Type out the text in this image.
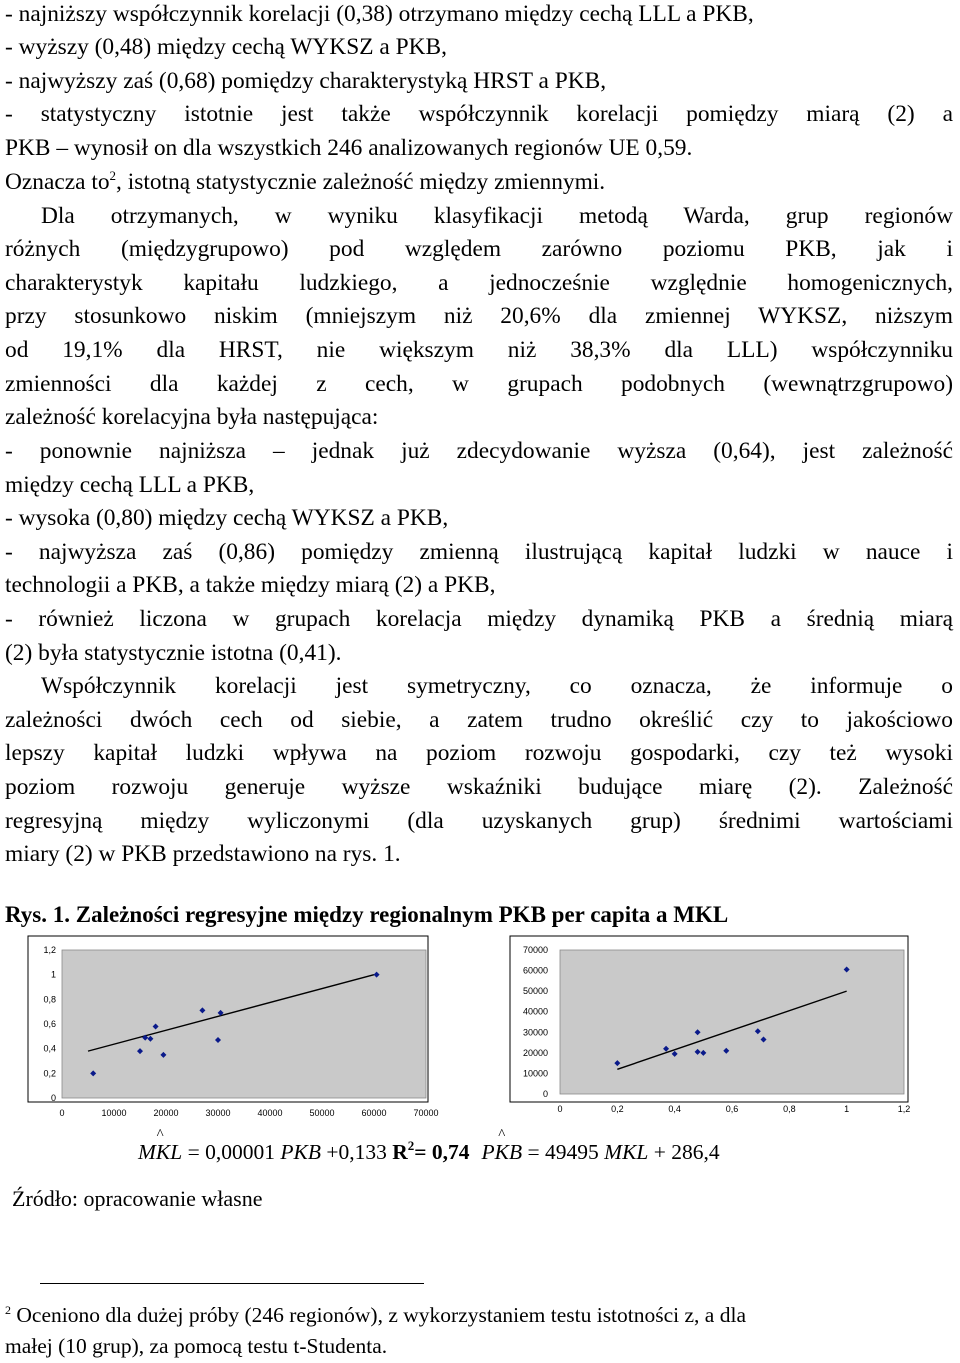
- najniższy współczynnik korelacji (0,38) otrzymano między cechą LLL a PKB,
- wyższy (0,48) między cechą WYKSZ a PKB,
- najwyższy zaś (0,68) pomiędzy charakterystyką HRST a PKB,
- statystyczny istotnie jest także współczynnik korelacji pomiędzy miarą (2) a
PKB – wynosił on dla wszystkich 246 analizowanych regionów UE 0,59.
Oznacza $to^2$, istotną statystycznie zależność między zmiennymi.
Dla otrzymanych, w wyniku klasyfikacji metodą Warda, grup regionów
różnych (międzygrupowo) pod względem zarówno poziomu PKB, jak i
charakterystyk kapitału ludzkiego, a jednocześnie względnie homogenicznych,
przy stosunkowo niskim (mniejszym niż 20,6% dla zmiennej WYKSZ, niższym
od 19,1% dla HRST, nie większym niż 38,3% dla LLL) współczynniku
zmienności dla każdej z cech, w grupach podobnych (wewnątrzgrupowo)
zależność korelacyjna była następująca:
- ponownie najniższa – jednak już zdecydowanie wyższa (0,64), jest zależność
między cechą LLL a PKB,
- wysoka (0,80) między cechą WYKSZ a PKB,
- najwyższa zaś (0,86) pomiędzy zmienną ilustrującą kapitał ludzki w nauce i
technologii a PKB, a także między miarą (2) a PKB,
- również liczona w grupach korelacja między dynamiką PKB a średnią miarą
(2) była statystycznie istotna (0,41).
Współczynnik korelacji jest symetryczny, co oznacza, że informuje o
zależności dwóch cech od siebie, a zatem trudno określić czy to jakościowo
lepszy kapitał ludzki wpływa na poziom rozwoju gospodarki, czy też wysoki
poziom rozwoju generuje wyższe wskaźniki budujące miarę (2). Zależność
regresyjną między wyliczonymi (dla uzyskanych grup) średnimi wartościami
miary (2) w PKB przedstawiono na rys. 1.
Rys. 1. Zależności regresyjne między regionalnym PKB per capita a MKL
0	10000	20000	30000	40000	50000	60000	70000
0
0,2
0,4
0,6
0,8
1
1,2
0	0,2	0,4	0,6	0,8	1	1,2
0
10000
20000
30000
40000
50000
60000
70000
MKL ^ = 0,00001 PKB +0,133 $R^2= 0,74$ PKB ^ = 49495 MKL + 286,4
Źródło: opracowanie własne
$^2$ Oceniono dla dużej próby (246 regionów), z wykorzystaniem testu istotności z, a dla
małej (10 grup), za pomocą testu t-Studenta.
